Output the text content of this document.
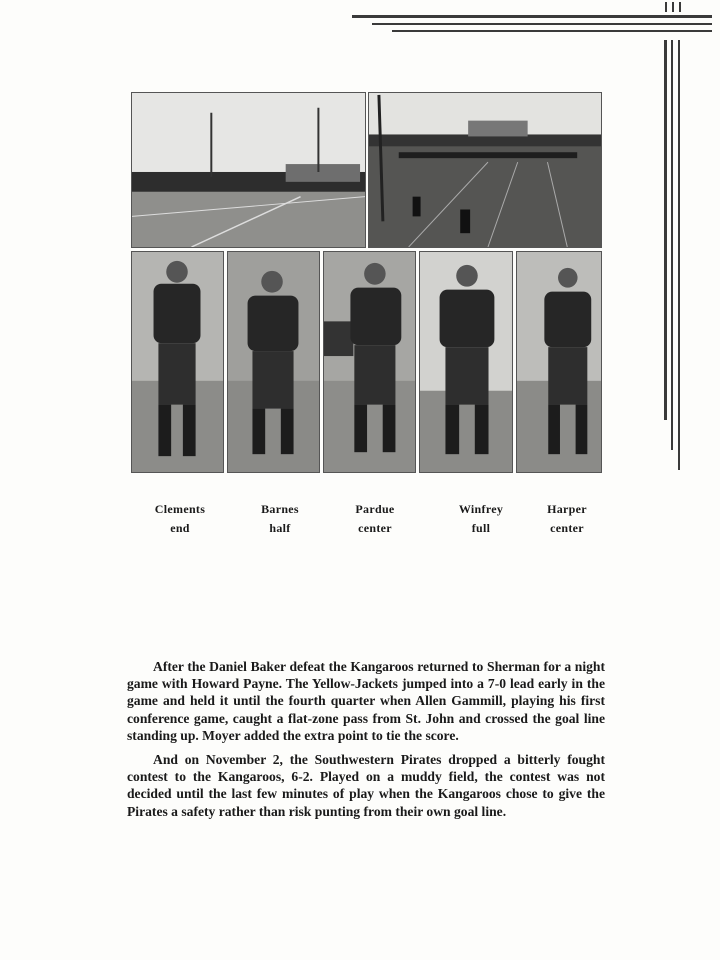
Clements
end
Barnes
half
Pardue
center
Winfrey
full
Harper
center

After the Daniel Baker defeat the Kangaroos returned to Sherman for a night game with Howard Payne. The Yellow-Jackets jumped into a 7-0 lead early in the game and held it until the fourth quarter when Allen Gammill, playing his first conference game, caught a flat-zone pass from St. John and crossed the goal line standing up. Moyer added the extra point to tie the score.

And on November 2, the Southwestern Pirates dropped a bitterly fought contest to the Kangaroos, 6-2. Played on a muddy field, the contest was not decided until the last few minutes of play when the Kangaroos chose to give the Pirates a safety rather than risk punting from their own goal line.
